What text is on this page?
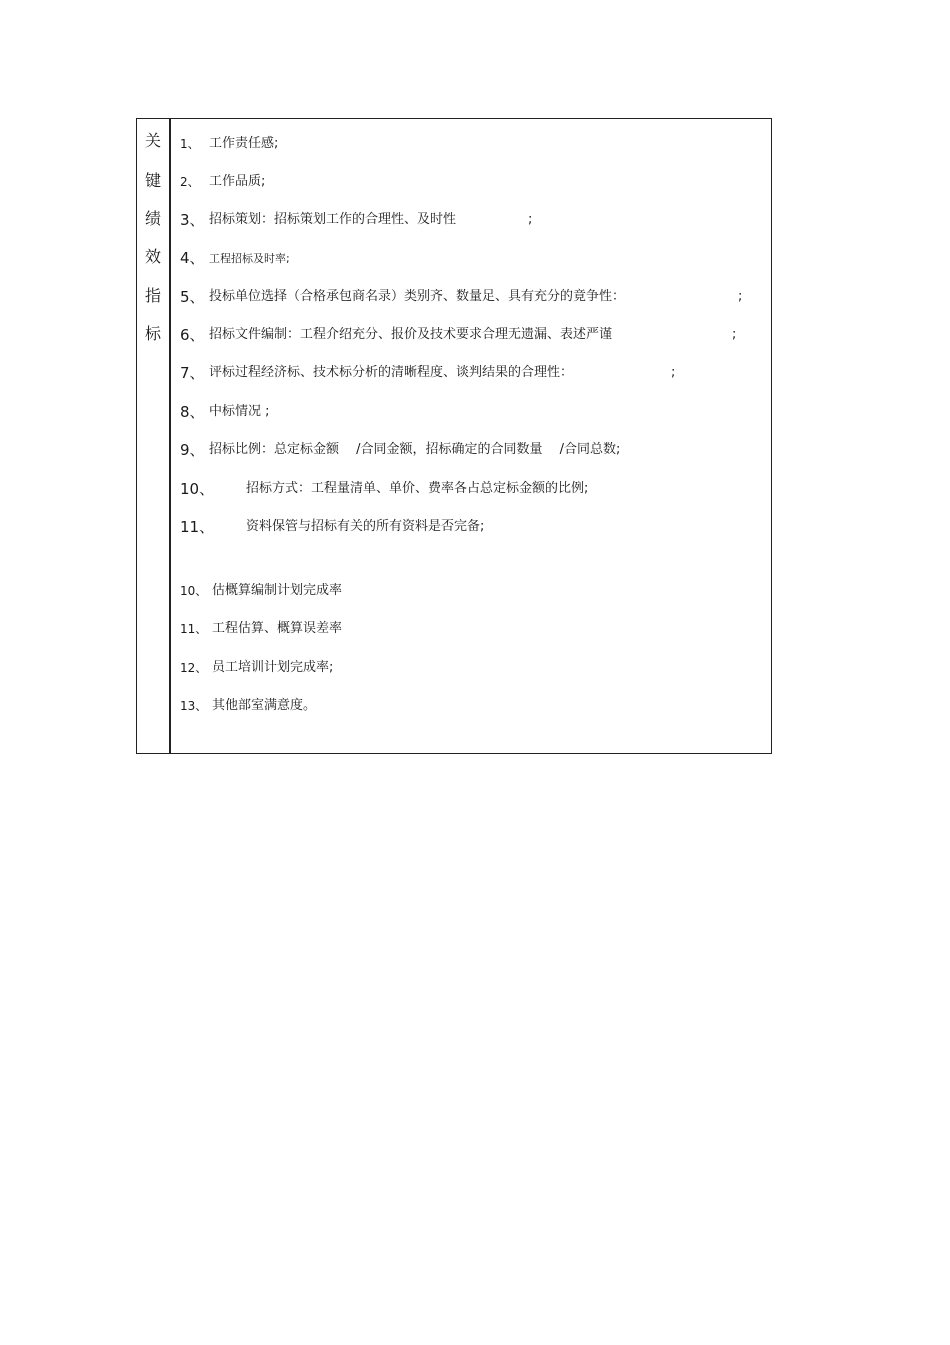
关
键
绩
效
指
标
1、 工作责任感;
2、 工作品质;
3、 招标策划：招标策划工作的合理性、及时性	;
4、 工程招标及时率;
5、 投标单位选择（合格承包商名录）类别齐、数量足、具有充分的竟争性：	;
6、 招标文件编制：工程介绍充分、报价及技术要求合理无遗漏、表述严谨	;
7、 评标过程经济标、技术标分析的清晰程度、谈判结果的合理性：	;
8、 中标情况 ;
9、 招标比例：总定标金额　 /合同金额，招标确定的合同数量　 /合同总数;
10、 招标方式：工程量清单、单价、费率各占总定标金额的比例;
11、 资料保管与招标有关的所有资料是否完备;
10、 估概算编制计划完成率
11、 工程估算、概算误差率
12、 员工培训计划完成率;
13、 其他部室满意度。
